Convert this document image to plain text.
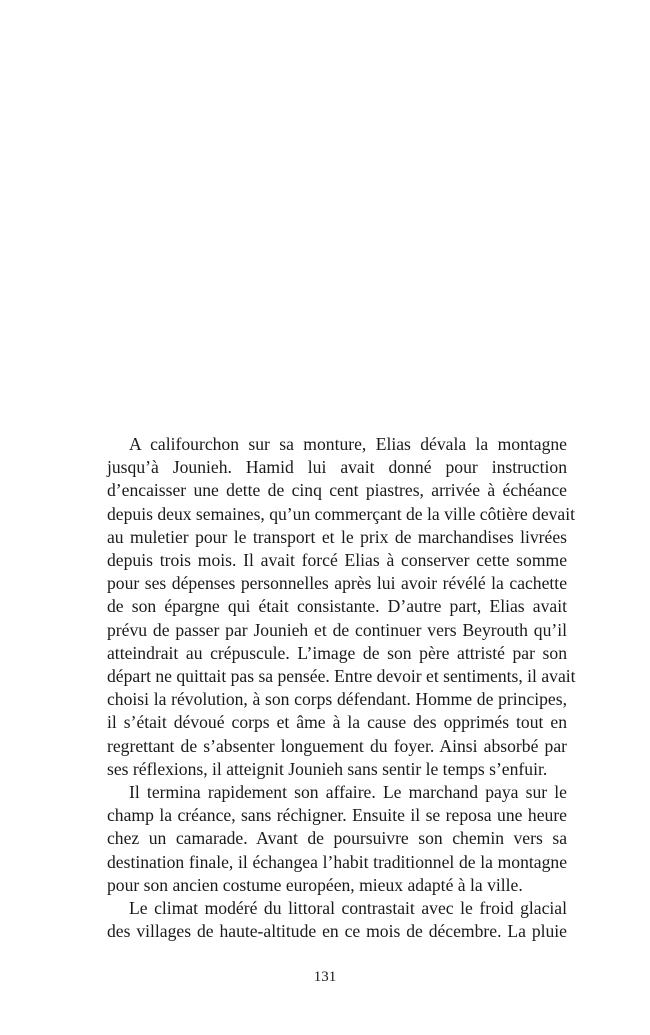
A califourchon sur sa monture, Elias dévala la montagne
jusqu’à Jounieh. Hamid lui avait donné pour instruction
d’encaisser une dette de cinq cent piastres, arrivée à échéance
depuis deux semaines, qu’un commerçant de la ville côtière devait
au muletier pour le transport et le prix de marchandises livrées
depuis trois mois. Il avait forcé Elias à conserver cette somme
pour ses dépenses personnelles après lui avoir révélé la cachette
de son épargne qui était consistante. D’autre part, Elias avait
prévu de passer par Jounieh et de continuer vers Beyrouth qu’il
atteindrait au crépuscule. L’image de son père attristé par son
départ ne quittait pas sa pensée. Entre devoir et sentiments, il avait
choisi la révolution, à son corps défendant. Homme de principes,
il s’était dévoué corps et âme à la cause des opprimés tout en
regrettant de s’absenter longuement du foyer. Ainsi absorbé par
ses réflexions, il atteignit Jounieh sans sentir le temps s’enfuir.
Il termina rapidement son affaire. Le marchand paya sur le
champ la créance, sans réchigner. Ensuite il se reposa une heure
chez un camarade. Avant de poursuivre son chemin vers sa
destination finale, il échangea l’habit traditionnel de la montagne
pour son ancien costume européen, mieux adapté à la ville.
Le climat modéré du littoral contrastait avec le froid glacial
des villages de haute-altitude en ce mois de décembre. La pluie
131
